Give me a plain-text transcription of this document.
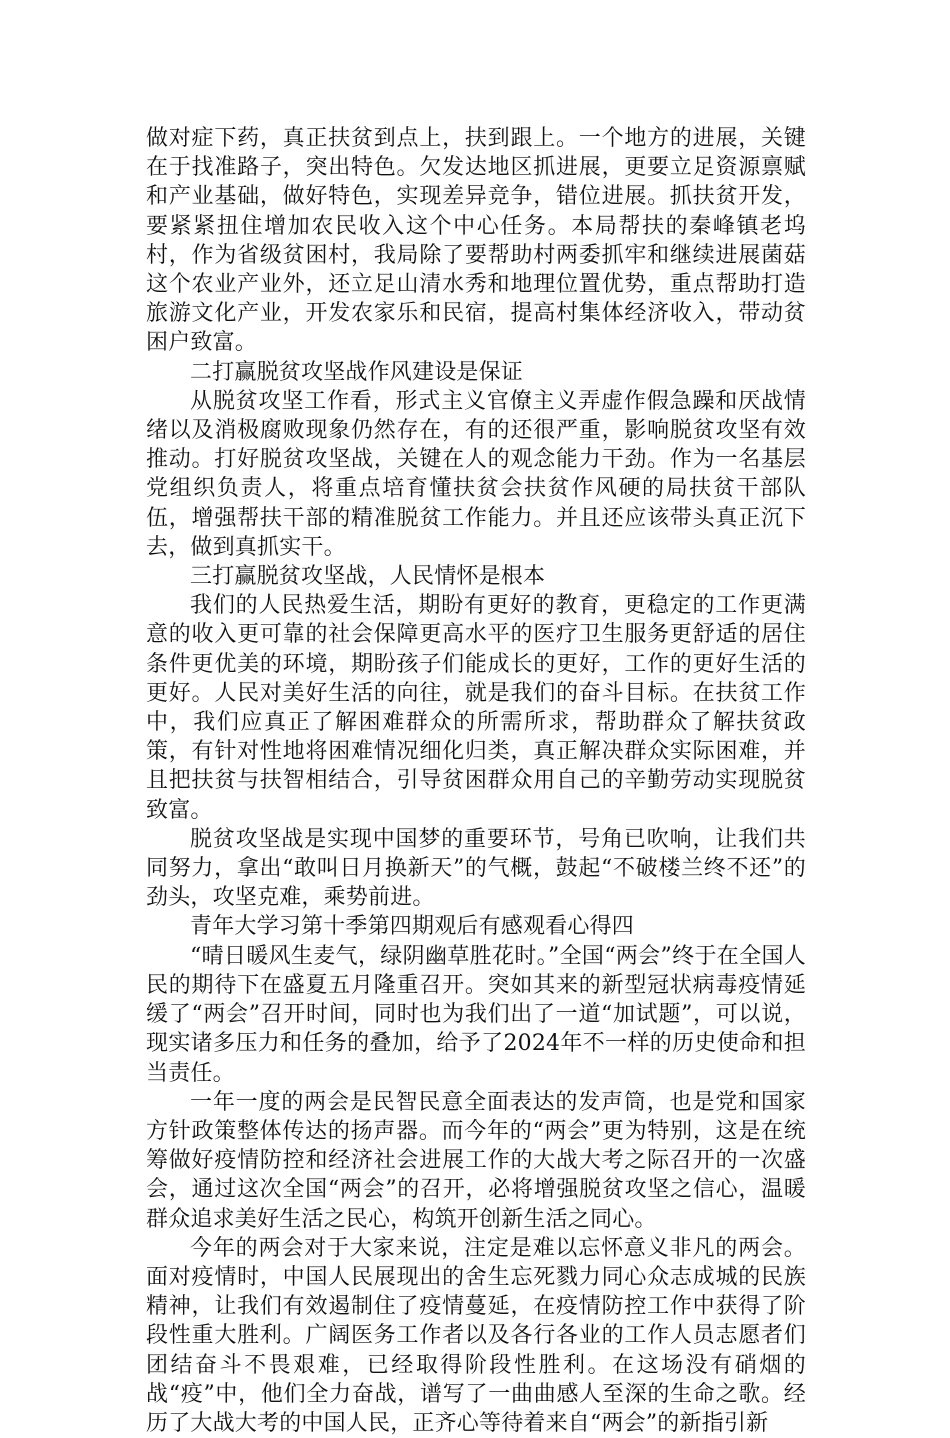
做对症下药，真正扶贫到点上，扶到跟上。一个地方的进展，关键在于找准路子，突出特色。欠发达地区抓进展，更要立足资源禀赋和产业基础，做好特色，实现差异竞争，错位进展。抓扶贫开发，要紧紧扭住增加农民收入这个中心任务。本局帮扶的秦峰镇老坞村，作为省级贫困村，我局除了要帮助村两委抓牢和继续进展菌菇这个农业产业外，还立足山清水秀和地理位置优势，重点帮助打造旅游文化产业，开发农家乐和民宿，提高村集体经济收入，带动贫困户致富。

二打赢脱贫攻坚战作风建设是保证

从脱贫攻坚工作看，形式主义官僚主义弄虚作假急躁和厌战情绪以及消极腐败现象仍然存在，有的还很严重，影响脱贫攻坚有效推动。打好脱贫攻坚战，关键在人的观念能力干劲。作为一名基层党组织负责人，将重点培育懂扶贫会扶贫作风硬的局扶贫干部队伍，增强帮扶干部的精准脱贫工作能力。并且还应该带头真正沉下去，做到真抓实干。

三打赢脱贫攻坚战，人民情怀是根本

我们的人民热爱生活，期盼有更好的教育，更稳定的工作更满意的收入更可靠的社会保障更高水平的医疗卫生服务更舒适的居住条件更优美的环境，期盼孩子们能成长的更好，工作的更好生活的更好。人民对美好生活的向往，就是我们的奋斗目标。在扶贫工作中，我们应真正了解困难群众的所需所求，帮助群众了解扶贫政策，有针对性地将困难情况细化归类，真正解决群众实际困难，并且把扶贫与扶智相结合，引导贫困群众用自己的辛勤劳动实现脱贫致富。

脱贫攻坚战是实现中国梦的重要环节，号角已吹响，让我们共同努力，拿出“敢叫日月换新天”的气概，鼓起“不破楼兰终不还”的劲头，攻坚克难，乘势前进。

青年大学习第十季第四期观后有感观看心得四

“晴日暖风生麦气，绿阴幽草胜花时。”全国“两会”终于在全国人民的期待下在盛夏五月隆重召开。突如其来的新型冠状病毒疫情延缓了“两会”召开时间，同时也为我们出了一道“加试题”，可以说，现实诸多压力和任务的叠加，给予了2024年不一样的历史使命和担当责任。

一年一度的两会是民智民意全面表达的发声筒，也是党和国家方针政策整体传达的扬声器。而今年的“两会”更为特别，这是在统筹做好疫情防控和经济社会进展工作的大战大考之际召开的一次盛会，通过这次全国“两会”的召开，必将增强脱贫攻坚之信心，温暖群众追求美好生活之民心，构筑开创新生活之同心。

今年的两会对于大家来说，注定是难以忘怀意义非凡的两会。面对疫情时，中国人民展现出的舍生忘死戮力同心众志成城的民族精神，让我们有效遏制住了疫情蔓延，在疫情防控工作中获得了阶段性重大胜利。广阔医务工作者以及各行各业的工作人员志愿者们团结奋斗不畏艰难，已经取得阶段性胜利。在这场没有硝烟的战“疫”中，他们全力奋战，谱写了一曲曲感人至深的生命之歌。经历了大战大考的中国人民，正齐心等待着来自“两会”的新指引新
